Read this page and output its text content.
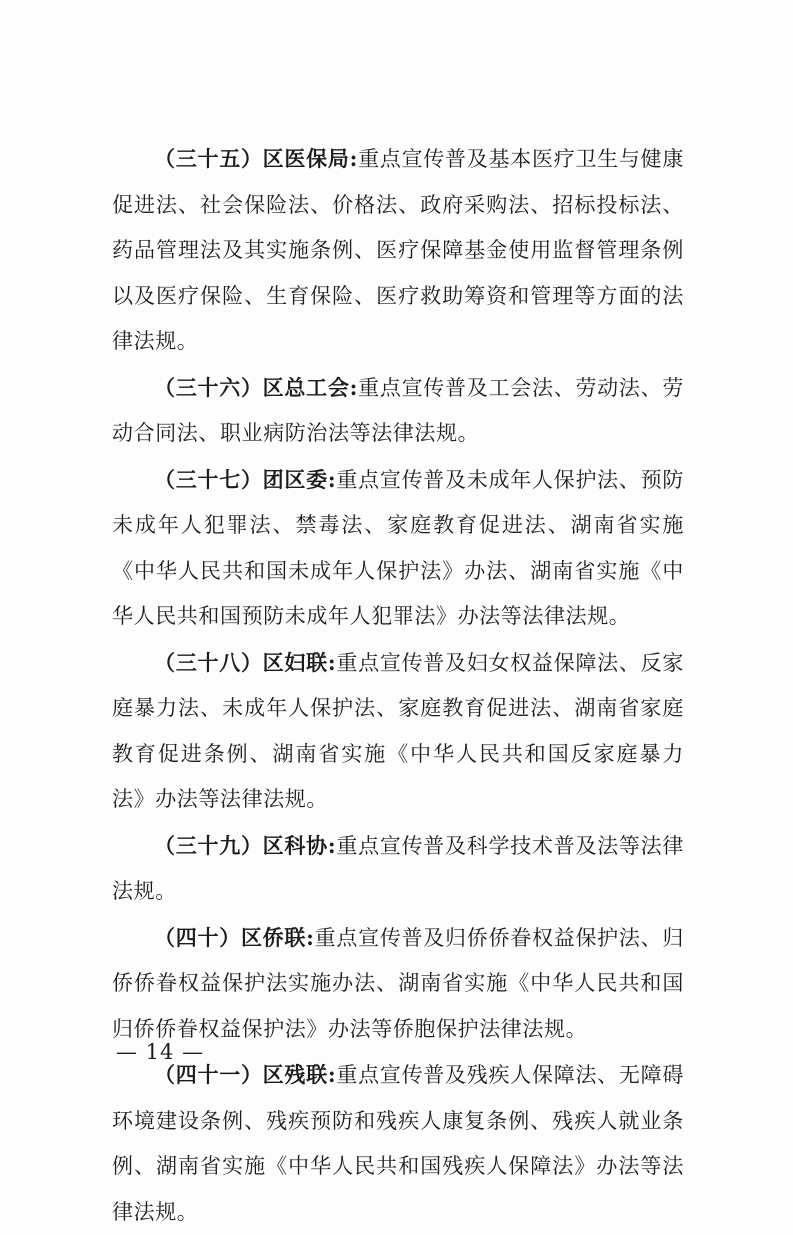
（三十五）区医保局:重点宣传普及基本医疗卫生与健康促进法、社会保险法、价格法、政府采购法、招标投标法、药品管理法及其实施条例、医疗保障基金使用监督管理条例以及医疗保险、生育保险、医疗救助筹资和管理等方面的法律法规。

（三十六）区总工会:重点宣传普及工会法、劳动法、劳动合同法、职业病防治法等法律法规。

（三十七）团区委:重点宣传普及未成年人保护法、预防未成年人犯罪法、禁毒法、家庭教育促进法、湖南省实施《中华人民共和国未成年人保护法》办法、湖南省实施《中华人民共和国预防未成年人犯罪法》办法等法律法规。

（三十八）区妇联:重点宣传普及妇女权益保障法、反家庭暴力法、未成年人保护法、家庭教育促进法、湖南省家庭教育促进条例、湖南省实施《中华人民共和国反家庭暴力法》办法等法律法规。

（三十九）区科协:重点宣传普及科学技术普及法等法律法规。

（四十）区侨联:重点宣传普及归侨侨眷权益保护法、归侨侨眷权益保护法实施办法、湖南省实施《中华人民共和国归侨侨眷权益保护法》办法等侨胞保护法律法规。

（四十一）区残联:重点宣传普及残疾人保障法、无障碍环境建设条例、残疾预防和残疾人康复条例、残疾人就业条例、湖南省实施《中华人民共和国残疾人保障法》办法等法律法规。

— 14 —
